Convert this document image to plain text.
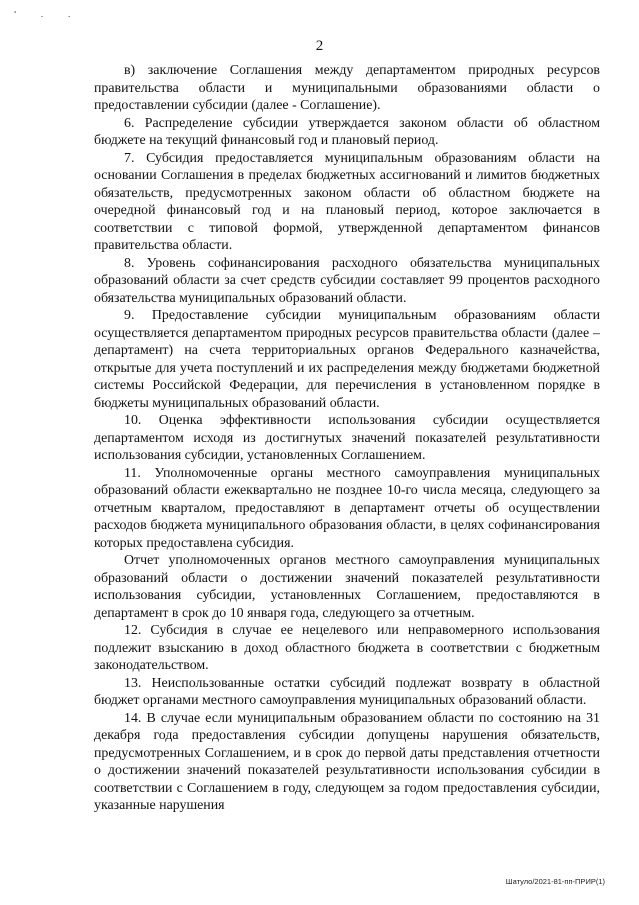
' . .
2

в) заключение Соглашения между департаментом природных ресурсов правительства области и муниципальными образованиями области о предоставлении субсидии (далее - Соглашение).

6. Распределение субсидии утверждается законом области об областном бюджете на текущий финансовый год и плановый период.

7. Субсидия предоставляется муниципальным образованиям области на основании Соглашения в пределах бюджетных ассигнований и лимитов бюджетных обязательств, предусмотренных законом области об областном бюджете на очередной финансовый год и на плановый период, которое заключается в соответствии с типовой формой, утвержденной департаментом финансов правительства области.

8. Уровень софинансирования расходного обязательства муниципальных образований области за счет средств субсидии составляет 99 процентов расходного обязательства муниципальных образований области.

9. Предоставление субсидии муниципальным образованиям области осуществляется департаментом природных ресурсов правительства области (далее – департамент) на счета территориальных органов Федерального казначейства, открытые для учета поступлений и их распределения между бюджетами бюджетной системы Российской Федерации, для перечисления в установленном порядке в бюджеты муниципальных образований области.

10. Оценка эффективности использования субсидии осуществляется департаментом исходя из достигнутых значений показателей результативности использования субсидии, установленных Соглашением.

11. Уполномоченные органы местного самоуправления муниципальных образований области ежеквартально не позднее 10-го числа месяца, следующего за отчетным кварталом, предоставляют в департамент отчеты об осуществлении расходов бюджета муниципального образования области, в целях софинансирования которых предоставлена субсидия.

Отчет уполномоченных органов местного самоуправления муниципальных образований области о достижении значений показателей результативности использования субсидии, установленных Соглашением, предоставляются в департамент в срок до 10 января года, следующего за отчетным.

12. Субсидия в случае ее нецелевого или неправомерного использования подлежит взысканию в доход областного бюджета в соответствии с бюджетным законодательством.

13. Неиспользованные остатки субсидий подлежат возврату в областной бюджет органами местного самоуправления муниципальных образований области.

14. В случае если муниципальным образованием области по состоянию на 31 декабря года предоставления субсидии допущены нарушения обязательств, предусмотренных Соглашением, и в срок до первой даты представления отчетности о достижении значений показателей результативности использования субсидии в соответствии с Соглашением в году, следующем за годом предоставления субсидии, указанные нарушения

Шатуло/2021-81-пп-ПРИР(1)
